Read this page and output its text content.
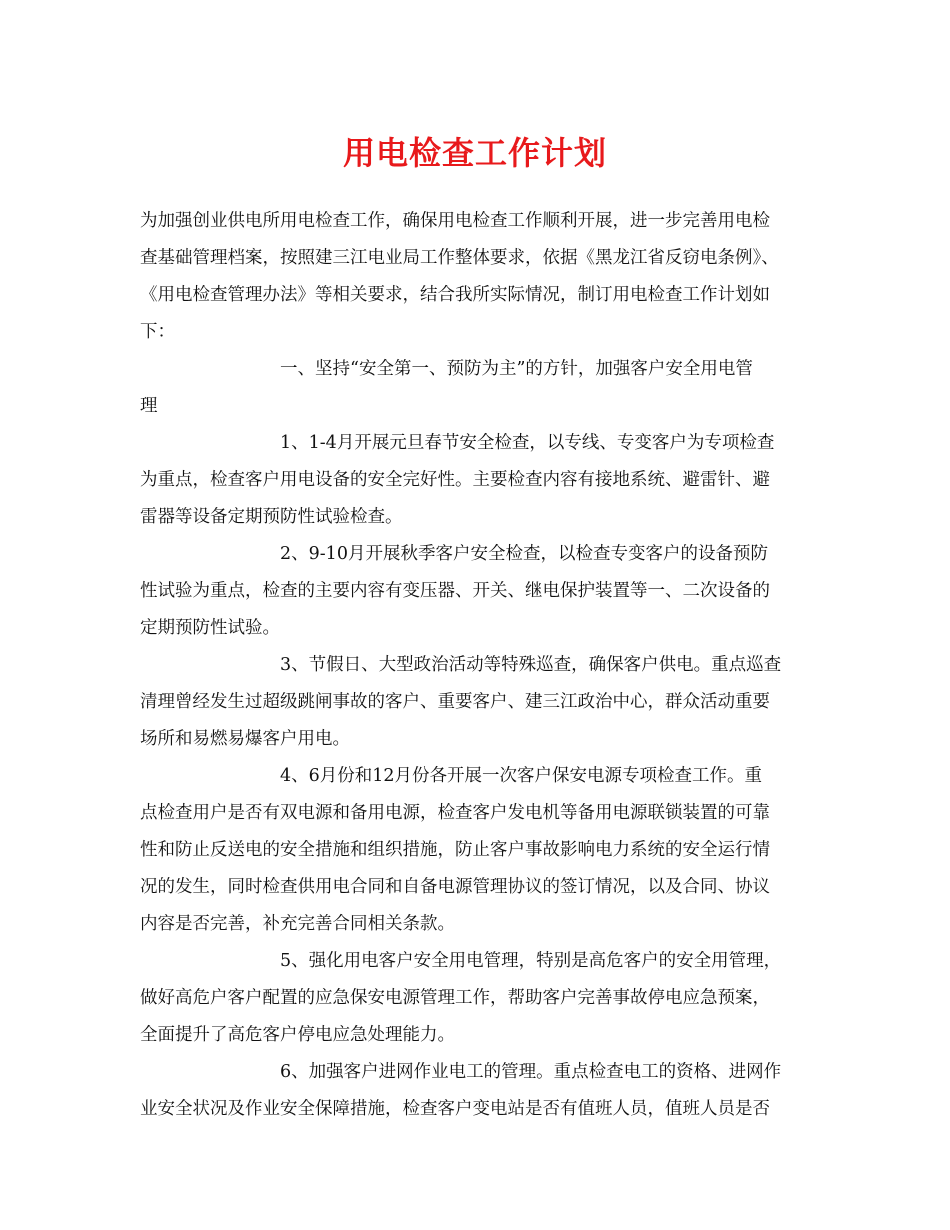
用电检查工作计划
为加强创业供电所用电检查工作，确保用电检查工作顺利开展，进一步完善用电检
查基础管理档案，按照建三江电业局工作整体要求，依据《黑龙江省反窃电条例》、
《用电检查管理办法》等相关要求，结合我所实际情况，制订用电检查工作计划如
下：
一、坚持“安全第一、预防为主”的方针，加强客户安全用电管
理
1、1-4月开展元旦春节安全检查，以专线、专变客户为专项检查
为重点，检查客户用电设备的安全完好性。主要检查内容有接地系统、避雷针、避
雷器等设备定期预防性试验检查。
2、9-10月开展秋季客户安全检查，以检查专变客户的设备预防
性试验为重点，检查的主要内容有变压器、开关、继电保护装置等一、二次设备的
定期预防性试验。
3、节假日、大型政治活动等特殊巡查，确保客户供电。重点巡查
清理曾经发生过超级跳闸事故的客户、重要客户、建三江政治中心，群众活动重要
场所和易燃易爆客户用电。
4、6月份和12月份各开展一次客户保安电源专项检查工作。重
点检查用户是否有双电源和备用电源，检查客户发电机等备用电源联锁装置的可靠
性和防止反送电的安全措施和组织措施，防止客户事故影响电力系统的安全运行情
况的发生，同时检查供用电合同和自备电源管理协议的签订情况，以及合同、协议
内容是否完善，补充完善合同相关条款。
5、强化用电客户安全用电管理，特别是高危客户的安全用管理，
做好高危户客户配置的应急保安电源管理工作，帮助客户完善事故停电应急预案，
全面提升了高危客户停电应急处理能力。
6、加强客户进网作业电工的管理。重点检查电工的资格、进网作
业安全状况及作业安全保障措施，检查客户变电站是否有值班人员，值班人员是否
